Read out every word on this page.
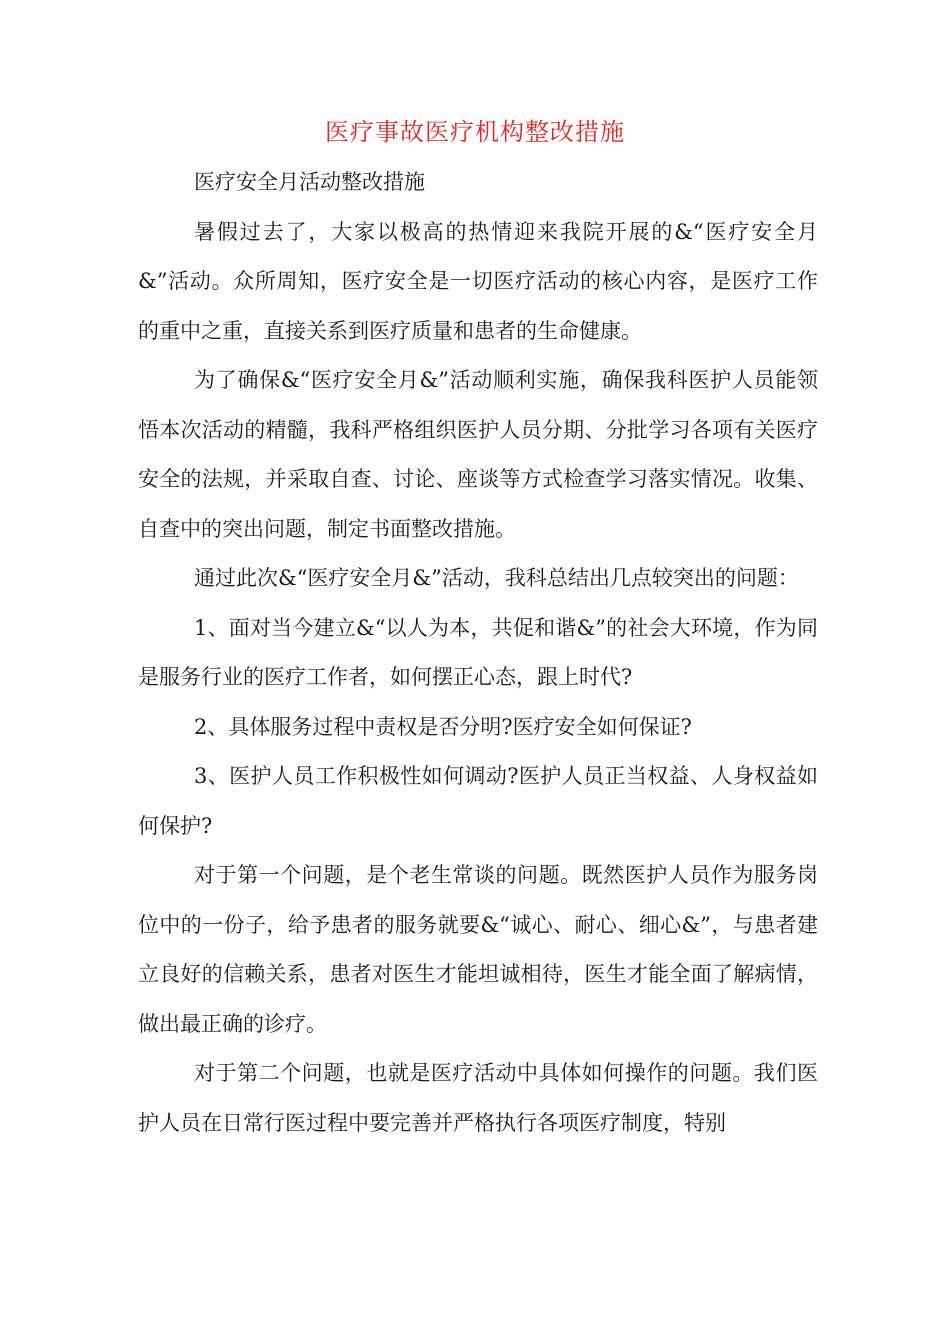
医疗事故医疗机构整改措施

医疗安全月活动整改措施

暑假过去了，大家以极高的热情迎来我院开展的&“医疗安全月&”活动。众所周知，医疗安全是一切医疗活动的核心内容，是医疗工作的重中之重，直接关系到医疗质量和患者的生命健康。

为了确保&“医疗安全月&”活动顺利实施，确保我科医护人员能领悟本次活动的精髓，我科严格组织医护人员分期、分批学习各项有关医疗安全的法规，并采取自查、讨论、座谈等方式检查学习落实情况。收集、自查中的突出问题，制定书面整改措施。

通过此次&“医疗安全月&”活动，我科总结出几点较突出的问题：

1、面对当今建立&“以人为本，共促和谐&”的社会大环境，作为同是服务行业的医疗工作者，如何摆正心态，跟上时代?

2、具体服务过程中责权是否分明?医疗安全如何保证?

3、医护人员工作积极性如何调动?医护人员正当权益、人身权益如何保护?

对于第一个问题，是个老生常谈的问题。既然医护人员作为服务岗位中的一份子，给予患者的服务就要&“诚心、耐心、细心&”，与患者建立良好的信赖关系，患者对医生才能坦诚相待，医生才能全面了解病情，做出最正确的诊疗。

对于第二个问题，也就是医疗活动中具体如何操作的问题。我们医护人员在日常行医过程中要完善并严格执行各项医疗制度，特别
